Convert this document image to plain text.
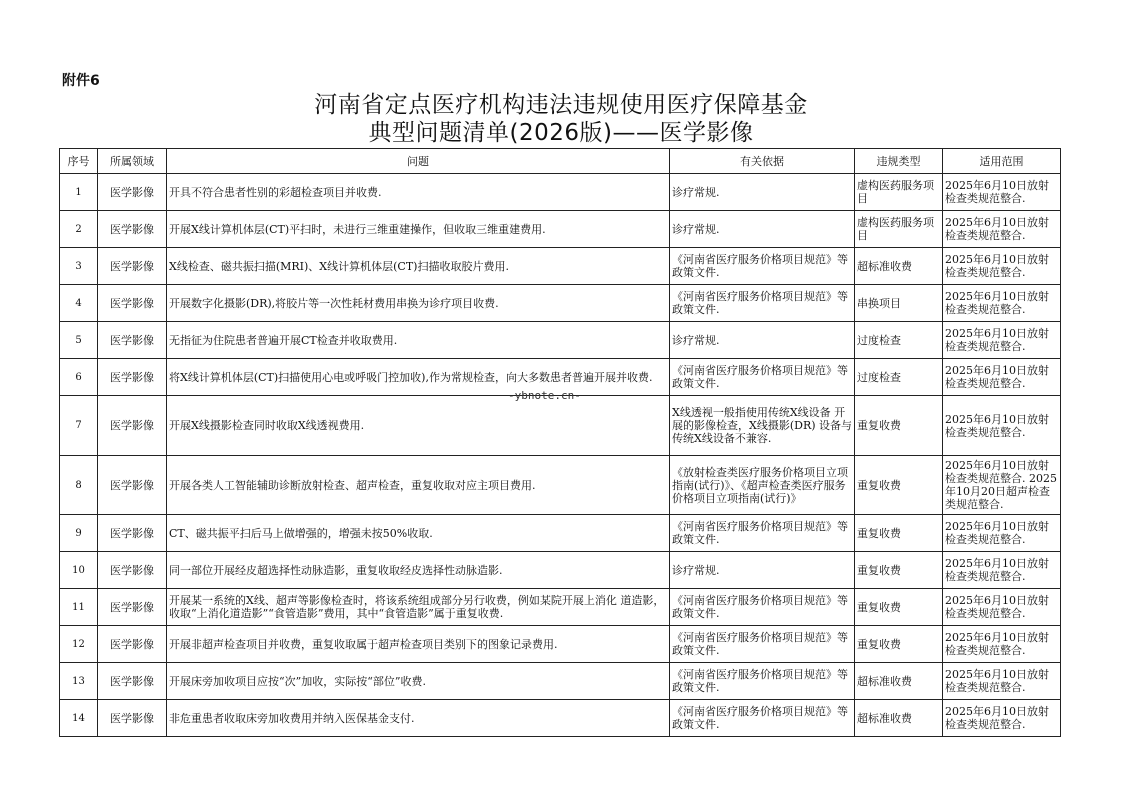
附件6
河南省定点医疗机构违法违规使用医疗保障基金
典型问题清单(2026版)——医学影像
序号	所属领域	问题	有关依据	违规类型	适用范围
1	医学影像	开具不符合患者性别的彩超检查项目并收费.	诊疗常规.	虚构医药服务项目	2025年6月10日放射检查类规范整合.
2	医学影像	开展X线计算机体层(CT)平扫时，未进行三维重建操作，但收取三维重建费用.	诊疗常规.	虚构医药服务项目	2025年6月10日放射检查类规范整合.
3	医学影像	X线检查、磁共振扫描(MRI)、X线计算机体层(CT)扫描收取胶片费用.	《河南省医疗服务价格项目规范》等政策文件.	超标准收费	2025年6月10日放射检查类规范整合.
4	医学影像	开展数字化摄影(DR),将胶片等一次性耗材费用串换为诊疗项目收费.	《河南省医疗服务价格项目规范》等政策文件.	串换项目	2025年6月10日放射检查类规范整合.
5	医学影像	无指征为住院患者普遍开展CT检查并收取费用.	诊疗常规.	过度检查	2025年6月10日放射检查类规范整合.
6	医学影像	将X线计算机体层(CT)扫描使用心电或呼吸门控加收),作为常规检查，向大多数患者普遍开展并收费.	《河南省医疗服务价格项目规范》等政策文件.	过度检查	2025年6月10日放射检查类规范整合.
7	医学影像	开展X线摄影检查同时收取X线透视费用.	X线透视一般指使用传统X线设备 开展的影像检查，X线摄影(DR) 设备与传统X线设备不兼容.	重复收费	2025年6月10日放射检查类规范整合.
8	医学影像	开展各类人工智能辅助诊断放射检查、超声检查，重复收取对应主项目费用.	《放射检查类医疗服务价格项目立项指南(试行)》、《超声检查类医疗服务价格项目立项指南(试行)》	重复收费	2025年6月10日放射检查类规范整合. 2025年10月20日超声检查类规范整合.
9	医学影像	CT、磁共振平扫后马上做增强的，增强未按50%收取.	《河南省医疗服务价格项目规范》等政策文件.	重复收费	2025年6月10日放射检查类规范整合.
10	医学影像	同一部位开展经皮超选择性动脉造影，重复收取经皮选择性动脉造影.	诊疗常规.	重复收费	2025年6月10日放射检查类规范整合.
11	医学影像	开展某一系统的X线、超声等影像检查时，将该系统组成部分另行收费，例如某院开展上消化 道造影，收取“上消化道造影”“食管造影”费用，其中“食管造影”属于重复收费.	《河南省医疗服务价格项目规范》等政策文件.	重复收费	2025年6月10日放射检查类规范整合.
12	医学影像	开展非超声检查项目并收费，重复收取属于超声检查项目类别下的图象记录费用.	《河南省医疗服务价格项目规范》等政策文件.	重复收费	2025年6月10日放射检查类规范整合.
13	医学影像	开展床旁加收项目应按“次”加收，实际按“部位”收费.	《河南省医疗服务价格项目规范》等政策文件.	超标准收费	2025年6月10日放射检查类规范整合.
14	医学影像	非危重患者收取床旁加收费用并纳入医保基金支付.	《河南省医疗服务价格项目规范》等政策文件.	超标准收费	2025年6月10日放射检查类规范整合.
-ybnote.cn-
